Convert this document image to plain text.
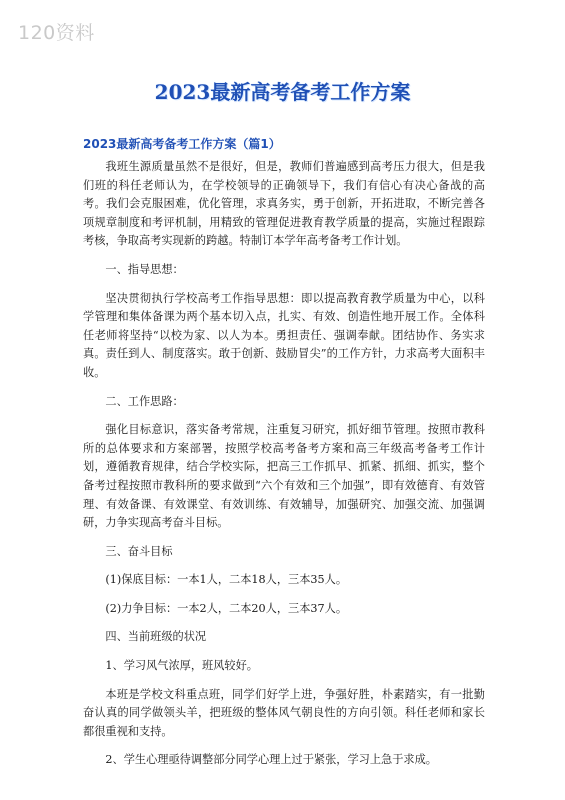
120资料
2023最新高考备考工作方案
2023最新高考备考工作方案（篇1）

我班生源质量虽然不是很好，但是，教师们普遍感到高考压力很大，但是我们班的科任老师认为，在学校领导的正确领导下，我们有信心有决心备战的高考。我们会克服困难，优化管理，求真务实，勇于创新，开拓进取，不断完善各项规章制度和考评机制，用精致的管理促进教育教学质量的提高，实施过程跟踪考核，争取高考实现新的跨越。特制订本学年高考备考工作计划。

一、指导思想：

坚决贯彻执行学校高考工作指导思想：即以提高教育教学质量为中心，以科学管理和集体备课为两个基本切入点，扎实、有效、创造性地开展工作。全体科任老师将坚持“以校为家、以人为本。勇担责任、强调奉献。团结协作、务实求真。责任到人、制度落实。敢于创新、鼓励冒尖”的工作方针，力求高考大面积丰收。

二、工作思路：

强化目标意识，落实备考常规，注重复习研究，抓好细节管理。按照市教科所的总体要求和方案部署，按照学校高考备考方案和高三年级高考备考工作计划，遵循教育规律，结合学校实际，把高三工作抓早、抓紧、抓细、抓实，整个备考过程按照市教科所的要求做到“六个有效和三个加强”，即有效德育、有效管理、有效备课、有效课堂、有效训练、有效辅导，加强研究、加强交流、加强调研，力争实现高考奋斗目标。

三、奋斗目标

(1)保底目标：一本1人，二本18人，三本35人。

(2)力争目标：一本2人，二本20人，三本37人。

四、当前班级的状况

1、学习风气浓厚，班风较好。

本班是学校文科重点班，同学们好学上进，争强好胜，朴素踏实，有一批勤奋认真的同学做领头羊，把班级的整体风气朝良性的方向引领。科任老师和家长都很重视和支持。

2、学生心理亟待调整部分同学心理上过于紧张，学习上急于求成。
